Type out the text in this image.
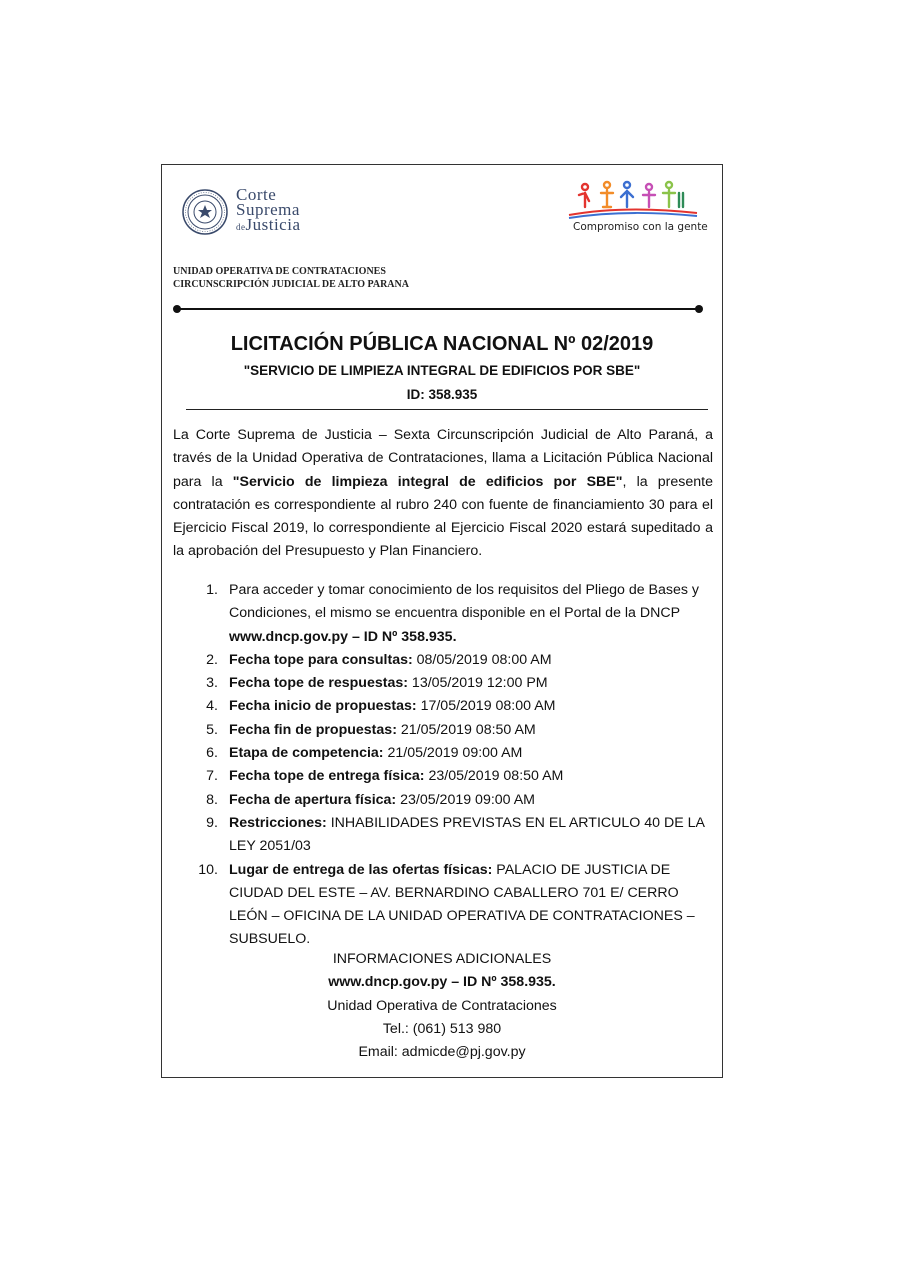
Corte
Suprema
deJusticia	Compromiso con la gente
UNIDAD OPERATIVA DE CONTRATACIONES
CIRCUNSCRIPCIÓN JUDICIAL DE ALTO PARANA
LICITACIÓN PÚBLICA NACIONAL Nº 02/2019
"SERVICIO DE LIMPIEZA INTEGRAL DE EDIFICIOS POR SBE"
ID: 358.935
La Corte Suprema de Justicia – Sexta Circunscripción Judicial de Alto Paraná, a través de la Unidad Operativa de Contrataciones, llama a Licitación Pública Nacional para la "Servicio de limpieza integral de edificios por SBE", la presente contratación es correspondiente al rubro 240 con fuente de financiamiento 30 para el Ejercicio Fiscal 2019, lo correspondiente al Ejercicio Fiscal 2020 estará supeditado a la aprobación del Presupuesto y Plan Financiero.
1. Para acceder y tomar conocimiento de los requisitos del Pliego de Bases y Condiciones, el mismo se encuentra disponible en el Portal de la DNCP www.dncp.gov.py – ID Nº 358.935.
2. Fecha tope para consultas: 08/05/2019 08:00 AM
3. Fecha tope de respuestas: 13/05/2019 12:00 PM
4. Fecha inicio de propuestas: 17/05/2019 08:00 AM
5. Fecha fin de propuestas: 21/05/2019 08:50 AM
6. Etapa de competencia: 21/05/2019 09:00 AM
7. Fecha tope de entrega física: 23/05/2019 08:50 AM
8. Fecha de apertura física: 23/05/2019 09:00 AM
9. Restricciones: INHABILIDADES PREVISTAS EN EL ARTICULO 40 DE LA LEY 2051/03
10. Lugar de entrega de las ofertas físicas: PALACIO DE JUSTICIA DE CIUDAD DEL ESTE – AV. BERNARDINO CABALLERO 701 E/ CERRO LEÓN – OFICINA DE LA UNIDAD OPERATIVA DE CONTRATACIONES – SUBSUELO.
INFORMACIONES ADICIONALES
www.dncp.gov.py – ID Nº 358.935.
Unidad Operativa de Contrataciones
Tel.: (061) 513 980
Email: admicde@pj.gov.py
